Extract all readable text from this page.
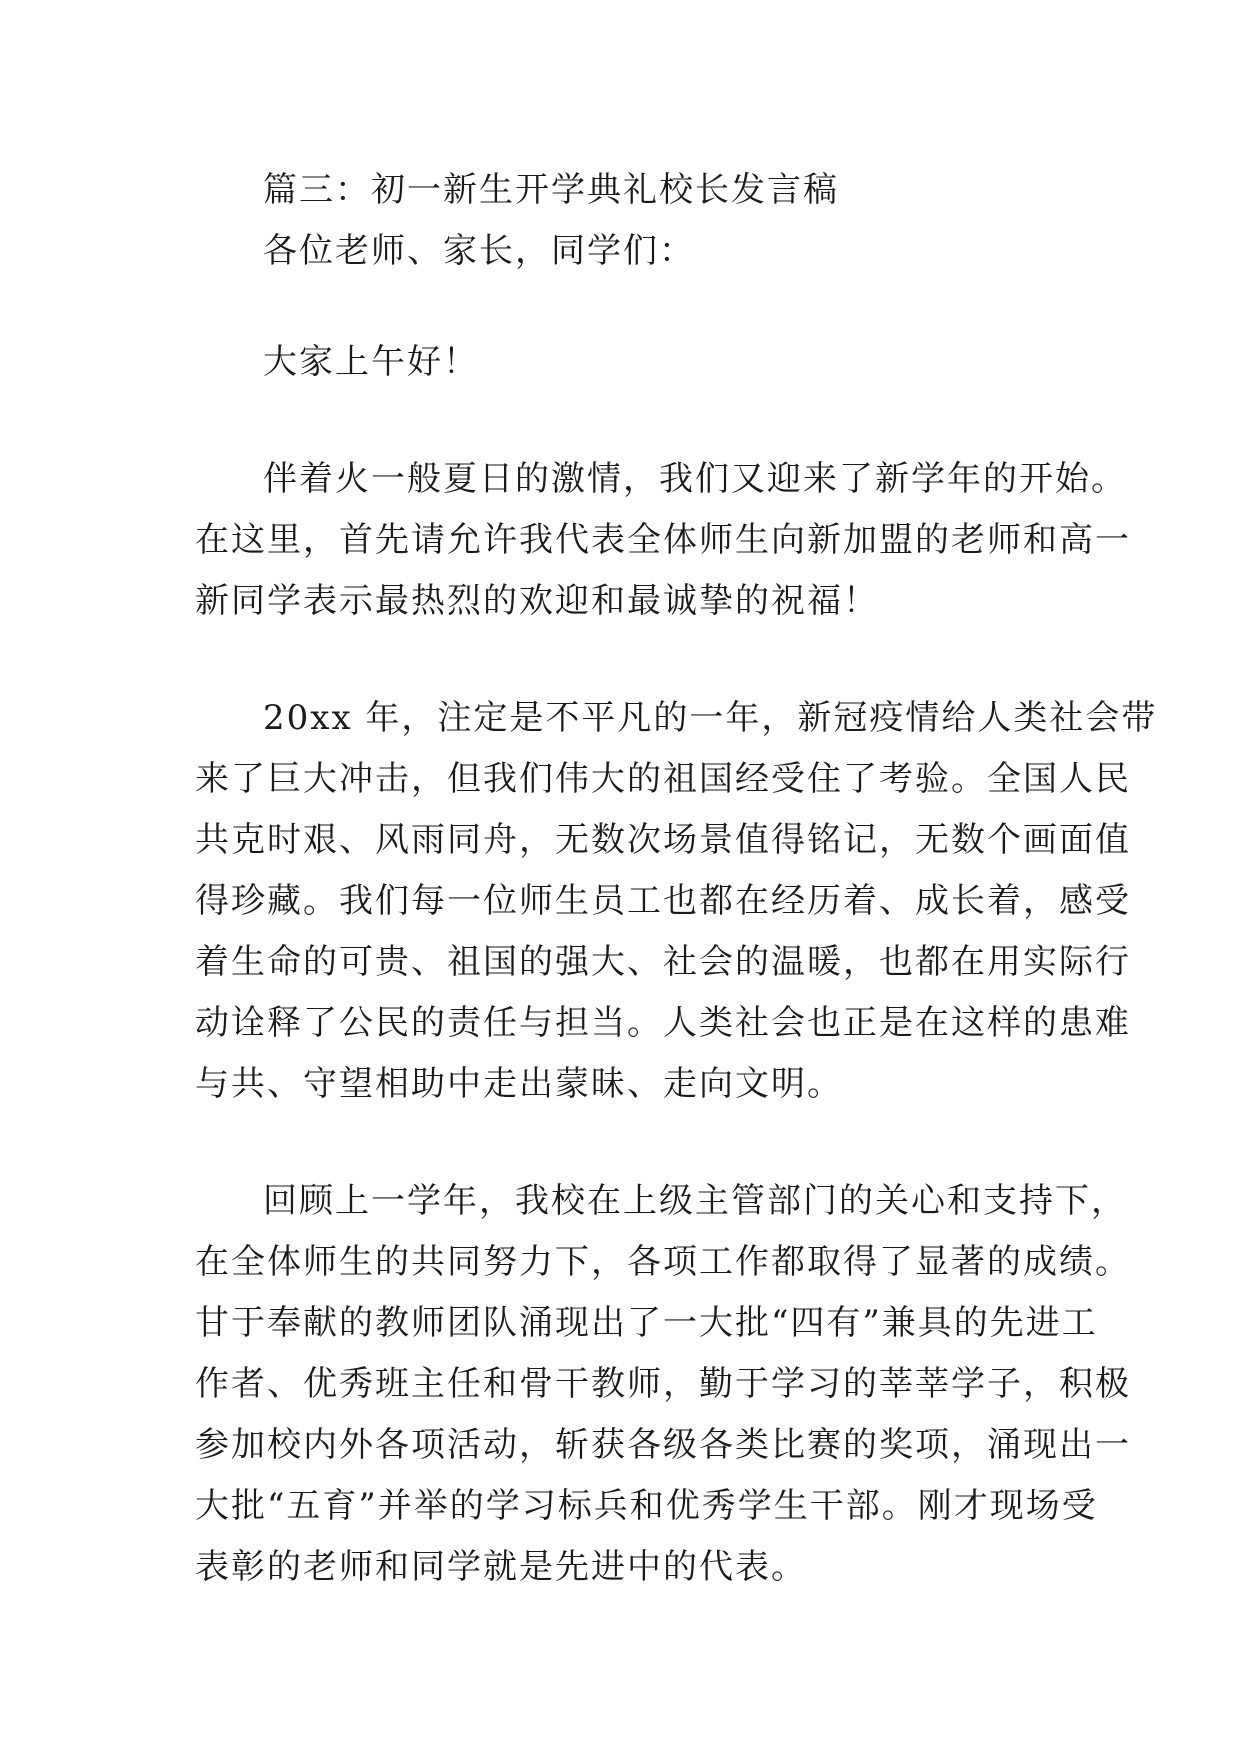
篇三：初一新生开学典礼校长发言稿

各位老师、家长，同学们：

大家上午好！

伴着火一般夏日的激情，我们又迎来了新学年的开始。

在这里，首先请允许我代表全体师生向新加盟的老师和高一

新同学表示最热烈的欢迎和最诚挚的祝福！

20xx 年，注定是不平凡的一年，新冠疫情给人类社会带

来了巨大冲击，但我们伟大的祖国经受住了考验。全国人民

共克时艰、风雨同舟，无数次场景值得铭记，无数个画面值

得珍藏。我们每一位师生员工也都在经历着、成长着，感受

着生命的可贵、祖国的强大、社会的温暖，也都在用实际行

动诠释了公民的责任与担当。人类社会也正是在这样的患难

与共、守望相助中走出蒙昧、走向文明。

回顾上一学年，我校在上级主管部门的关心和支持下，

在全体师生的共同努力下，各项工作都取得了显著的成绩。

甘于奉献的教师团队涌现出了一大批“四有”兼具的先进工

作者、优秀班主任和骨干教师，勤于学习的莘莘学子，积极

参加校内外各项活动，斩获各级各类比赛的奖项，涌现出一

大批“五育”并举的学习标兵和优秀学生干部。刚才现场受

表彰的老师和同学就是先进中的代表。
